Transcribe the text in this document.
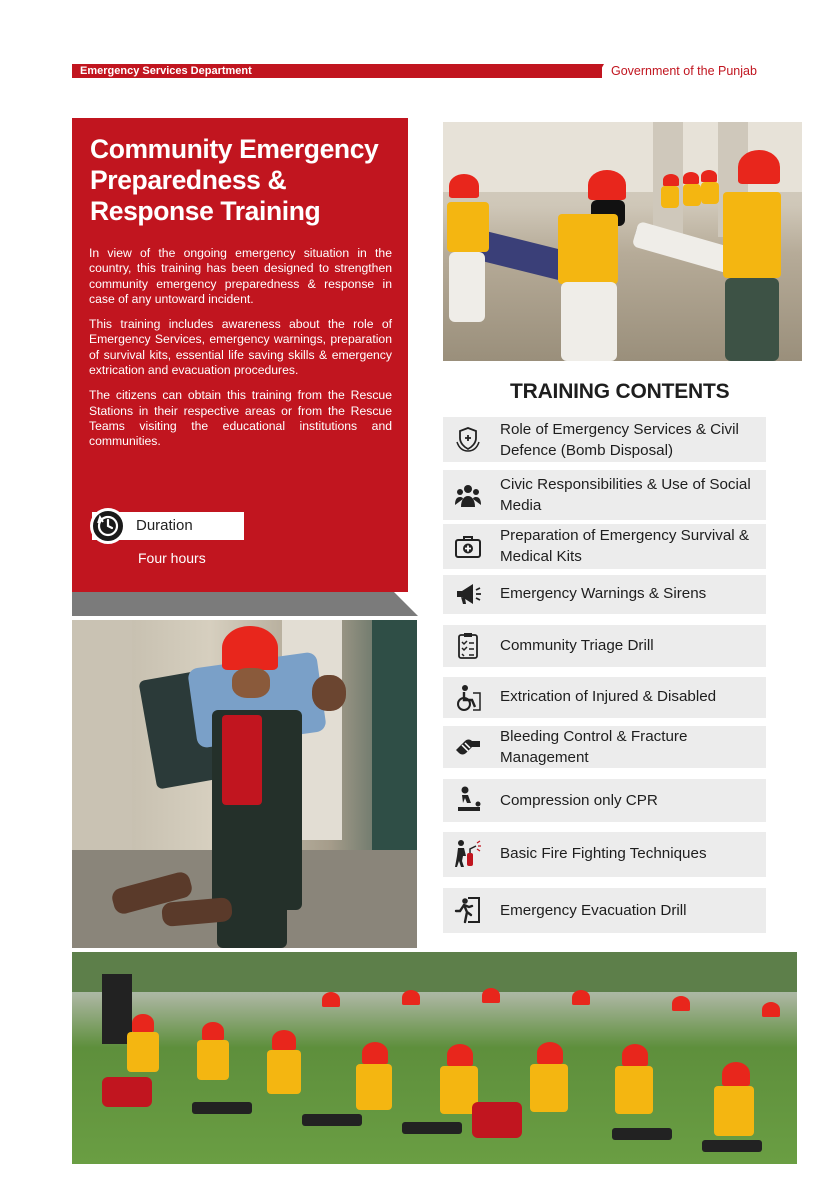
Emergency Services Department	Government of the Punjab
Community Emergency Preparedness & Response Training

In view of the ongoing emergency situation in the country, this training has been designed to strengthen community emergency preparedness & response in case of any untoward incident.

This training includes awareness about the role of Emergency Services, emergency warnings, preparation of survival kits, essential life saving skills & emergency extrication and evacuation procedures.

The citizens can obtain this training from the Rescue Stations in their respective areas or from the Rescue Teams visiting the educational institutions and communities.

Duration
Four hours
TRAINING CONTENTS
Role of Emergency Services & Civil Defence (Bomb Disposal)
Civic Responsibilities & Use of Social Media
Preparation of Emergency Survival & Medical Kits
Emergency Warnings & Sirens
Community Triage Drill
Extrication of Injured & Disabled
Bleeding Control & Fracture Management
Compression only CPR
Basic Fire Fighting Techniques
Emergency Evacuation Drill
